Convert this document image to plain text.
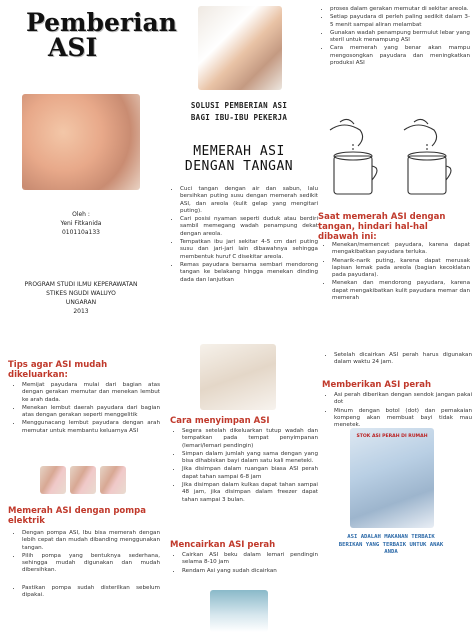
Pemberian
ASI
Oleh :
Yeni Fitkanida
010110a133
PROGRAM STUDI ILMU KEPERAWATAN
STIKES NGUDI WALUYO
UNGARAN
2013
SOLUSI PEMBERIAN ASI
BAGI IBU-IBU PEKERJA
MEMERAH ASI
DENGAN TANGAN
• Cuci tangan dengan air dan sabun, lalu bersihkan puting susu dengan memerah sedikit ASI, dan areola (kulit gelap yang mengitari puting).
• Cari posisi nyaman seperti duduk atau berdiri sambil memegang wadah penampung dekat dengan areola.
• Tempatkan ibu jari sekitar 4-5 cm dari puting susu dan jari-jari lain dibawahnya sehingga membentuk huruf C disekitar areola.
• Remas payudara bersama sembari mendorong tangan ke belakang hingga menekan dinding dada dan lanjutkan
• proses dalam gerakan memutar di sekitar areola.
• Setiap payudara di perleh paling sedikit dalam 3-5 menit sampai aliran melambat
• Gunakan wadah penampung bermulut lebar yang steril untuk menampung ASI
• Cara memerah yang benar akan mampu mengosongkan payudara dan meningkatkan produksi ASI
Saat memerah ASI dengan tangan, hindari hal-hal dibawah ini:
• Menekan/memencet payudara, karena dapat mengakibatkan payudara terluka.
• Menarik-narik puting, karena dapat merusak lapisan lemak pada areola (bagian kecoklatan pada payudara).
• Menekan dan mendorong payudara, karena dapat mengakibatkan kulit payudara memar dan memerah
Tips agar ASI mudah dikeluarkan:
• Memijat payudara mulai dari bagian atas dengan gerakan memutar dan menekan lembut ke arah dada.
• Menekan lembut daerah payudara dari bagian atas dengan gerakan seperti menggelitik
• Menggunacang lembut payudara dengan arah memutar untuk membantu keluarnya ASI
Memerah ASI dengan pompa elektrik
• Dengan pompa ASI, Ibu bisa memerah dengan lebih cepat dan mudah dibanding menggunakan tangan.
• Pilih pompa yang bentuknya sederhana, sehingga mudah digunakan dan mudah dibersihkan.
• Pastikan pompa sudah disterilkan sebelum dipakai.
Cara menyimpan ASI
• Segera setelah dikeluarkan tutup wadah dan tempatkan pada tempat penyimpanan (lemari/lemari pendingin)
• Simpan dalam jumlah yang sama dengan yang bisa dihabiskan bayi dalam satu kali meneteki.
• Jika disimpan dalam ruangan biasa ASI perah dapat tahan sampai 6-8 jam
• Jika disimpan dalam kulkas dapat tahan sampai 48 jam, jika disimpan dalam freezer dapat tahan sampai 3 bulan.
Mencairkan ASI perah
• Cairkan ASI beku dalam lemari pendingin selama 8-10 jam
• Rendam Asi yang sudah dicairkan
• Setelah dicairkan ASI perah harus digunakan dalam waktu 24 jam.
Memberikan ASI perah
• Asi perah diberikan dengan sendok jangan pakai dot
• Minum dengan botol (dot) dan pemakaian kompeng akan membuat bayi tidak mau menetek.
STOK ASI PERAH DI RUMAH
ASI ADALAH MAKANAN TERBAIK
BERIKAN YANG TERBAIK UNTUK ANAK
ANDA
